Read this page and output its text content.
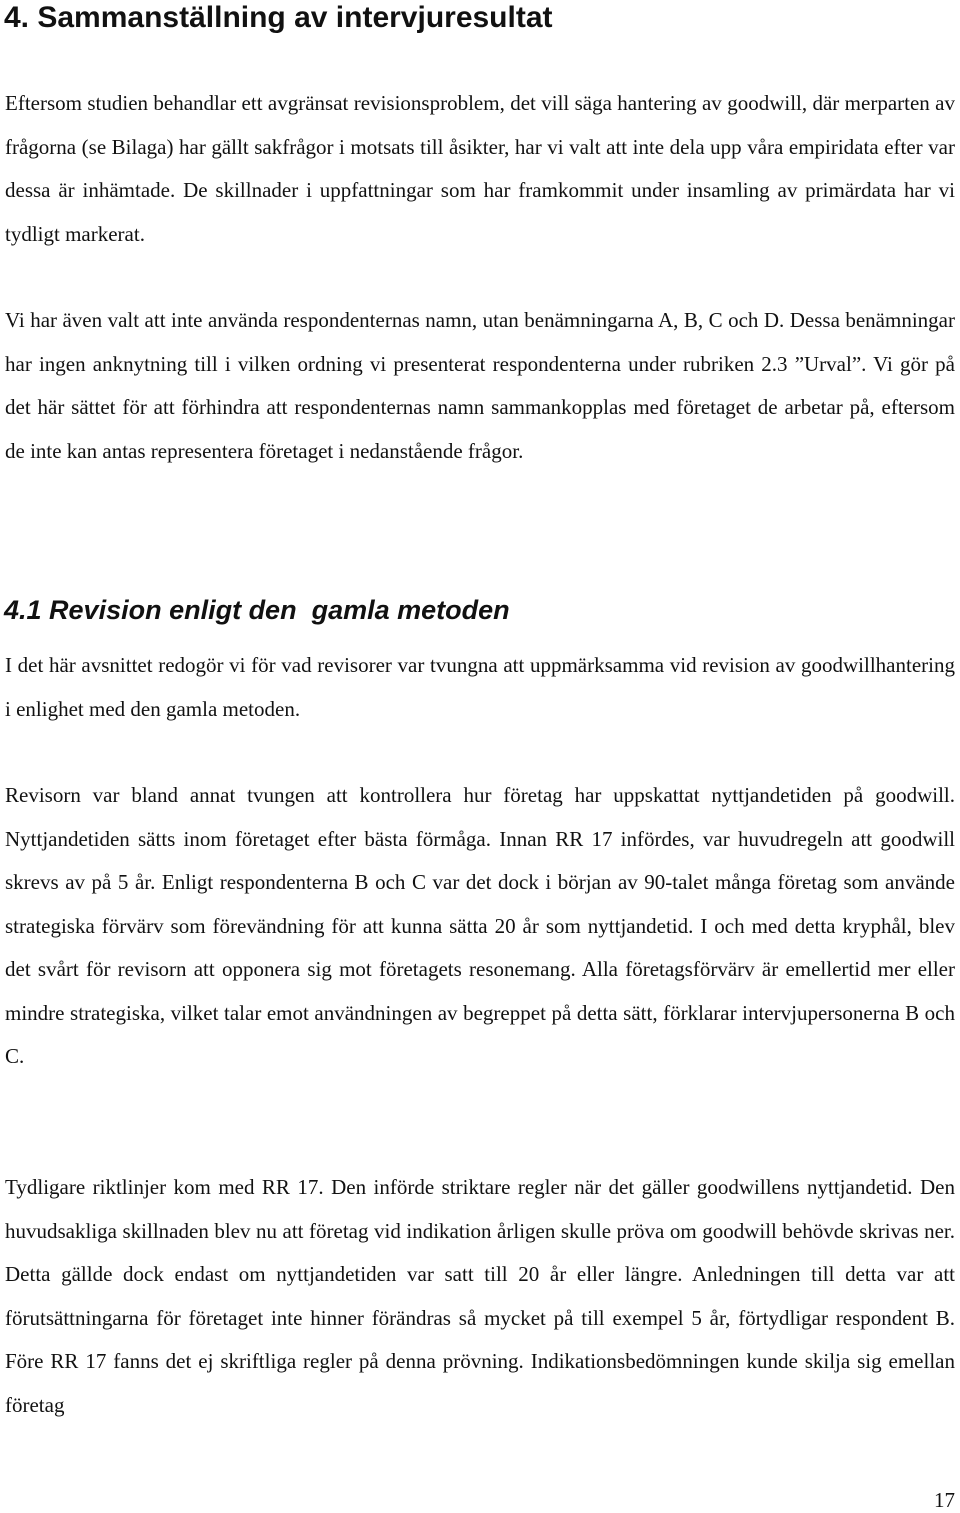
4. Sammanställning av intervjuresultat

Eftersom studien behandlar ett avgränsat revisionsproblem, det vill säga hantering av goodwill, där merparten av frågorna (se Bilaga) har gällt sakfrågor i motsats till åsikter, har vi valt att inte dela upp våra empiridata efter var dessa är inhämtade. De skillnader i uppfattningar som har framkommit under insamling av primärdata har vi tydligt markerat.

Vi har även valt att inte använda respondenternas namn, utan benämningarna A, B, C och D. Dessa benämningar har ingen anknytning till i vilken ordning vi presenterat respondenterna under rubriken 2.3 ”Urval”. Vi gör på det här sättet för att förhindra att respondenternas namn sammankopplas med företaget de arbetar på, eftersom de inte kan antas representera företaget i nedanstående frågor.

4.1 Revision enligt den  gamla metoden

I det här avsnittet redogör vi för vad revisorer var tvungna att uppmärksamma vid revision av goodwillhantering i enlighet med den gamla metoden.

Revisorn var bland annat tvungen att kontrollera hur företag har uppskattat nyttjandetiden på goodwill. Nyttjandetiden sätts inom företaget efter bästa förmåga. Innan RR 17 infördes, var huvudregeln att goodwill skrevs av på 5 år. Enligt respondenterna B och C var det dock i början av 90-talet många företag som använde strategiska förvärv som förevändning för att kunna sätta 20 år som nyttjandetid. I och med detta kryphål, blev det svårt för revisorn att opponera sig mot företagets resonemang. Alla företagsförvärv är emellertid mer eller mindre strategiska, vilket talar emot användningen av begreppet på detta sätt, förklarar intervjupersonerna B och C.

Tydligare riktlinjer kom med RR 17. Den införde striktare regler när det gäller goodwillens nyttjandetid. Den huvudsakliga skillnaden blev nu att företag vid indikation årligen skulle pröva om goodwill behövde skrivas ner. Detta gällde dock endast om nyttjandetiden var satt till 20 år eller längre. Anledningen till detta var att förutsättningarna för företaget inte hinner förändras så mycket på till exempel 5 år, förtydligar respondent B. Före RR 17 fanns det ej skriftliga regler på denna prövning. Indikationsbedömningen kunde skilja sig emellan företag

17
